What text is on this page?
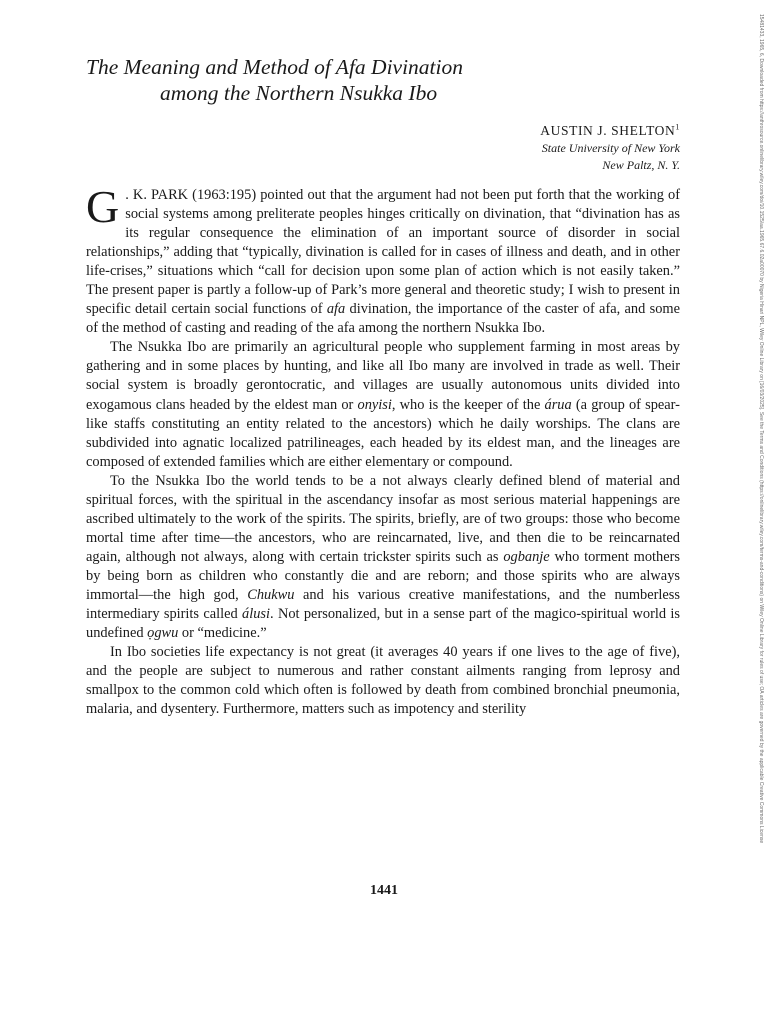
15481433, 1965, 6, Downloaded from https://anthrosource.onlinelibrary.wiley.com/doi/10.1525/aa.1965.67.6.02a00070 by Nigeria Hinari NPL, Wiley Online Library on [16/03/2025]. See the Terms and Conditions (https://onlinelibrary.wiley.com/terms-and-conditions) on Wiley Online Library for rules of use; OA articles are governed by the applicable Creative Commons License
The Meaning and Method of Afa Divination
among the Northern Nsukka Ibo
AUSTIN J. SHELTON$^1$
State University of New York
New Paltz, N. Y.

G . K. PARK (1963:195) pointed out that the argument had not been put forth that the working of social systems among preliterate peoples hinges critically on divination, that “divination has as its regular consequence the elimination of an important source of disorder in social relationships,” adding that “typically, divination is called for in cases of illness and death, and in other life-crises,” situations which “call for decision upon some plan of action which is not easily taken.” The present paper is partly a follow-up of Park’s more general and theoretic study; I wish to present in specific detail certain social functions of afa divination, the importance of the caster of afa, and some of the method of casting and reading of the afa among the northern Nsukka Ibo.

The Nsukka Ibo are primarily an agricultural people who supplement farming in most areas by gathering and in some places by hunting, and like all Ibo many are involved in trade as well. Their social system is broadly gerontocratic, and villages are usually autonomous units divided into exogamous clans headed by the eldest man or onyisi, who is the keeper of the árua (a group of spear-like staffs constituting an entity related to the ancestors) which he daily worships. The clans are subdivided into agnatic localized patrilineages, each headed by its eldest man, and the lineages are composed of extended families which are either elementary or compound.

To the Nsukka Ibo the world tends to be a not always clearly defined blend of material and spiritual forces, with the spiritual in the ascendancy insofar as most serious material happenings are ascribed ultimately to the work of the spirits. The spirits, briefly, are of two groups: those who become mortal time after time—the ancestors, who are reincarnated, live, and then die to be reincarnated again, although not always, along with certain trickster spirits such as ogbanje who torment mothers by being born as children who constantly die and are reborn; and those spirits who are always immortal—the high god, Chukwu and his various creative manifestations, and the numberless intermediary spirits called álusi. Not personalized, but in a sense part of the magico-spiritual world is undefined ọgwu or “medicine.”

In Ibo societies life expectancy is not great (it averages 40 years if one lives to the age of five), and the people are subject to numerous and rather constant ailments ranging from leprosy and smallpox to the common cold which often is followed by death from combined bronchial pneumonia, malaria, and dysentery. Furthermore, matters such as impotency and sterility

1441
